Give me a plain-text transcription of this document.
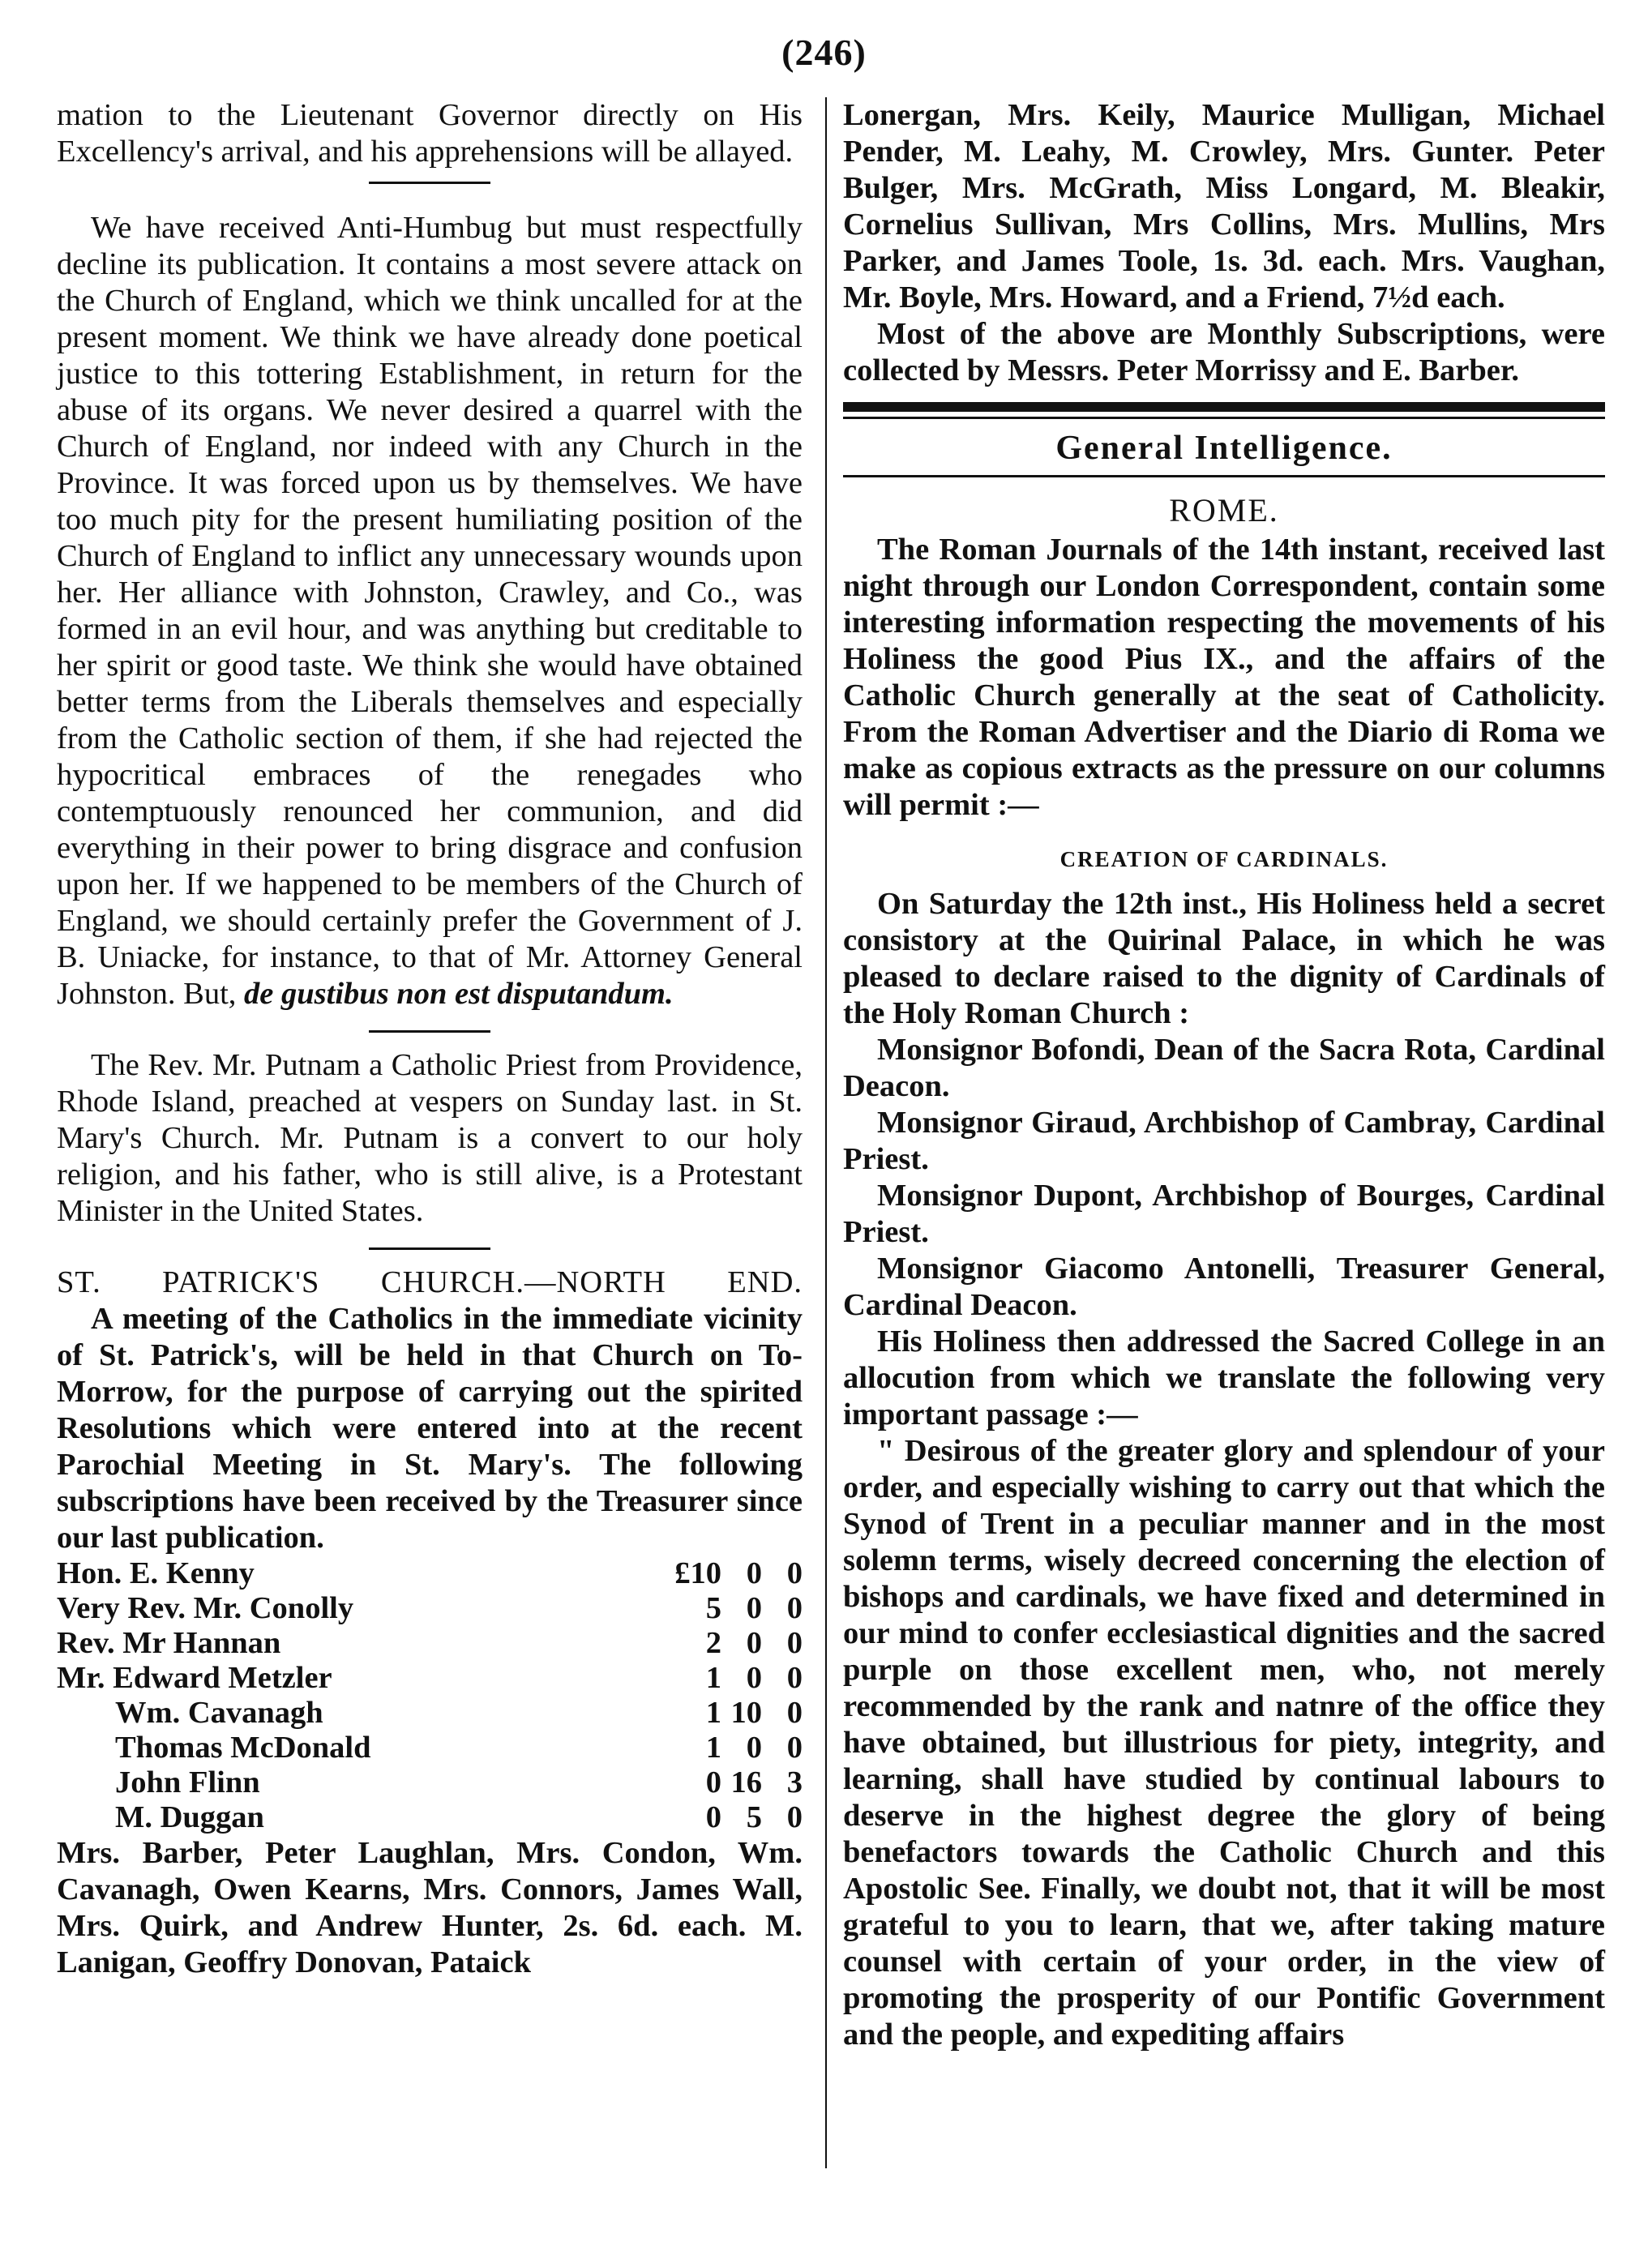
(246)

mation to the Lieutenant Governor directly on His Excellency's arrival, and his apprehensions will be allayed.

We have received Anti-Humbug but must respectfully decline its publication. It contains a most severe attack on the Church of England, which we think uncalled for at the present moment. We think we have already done poetical justice to this tottering Establishment, in return for the abuse of its organs. We never desired a quarrel with the Church of England, nor indeed with any Church in the Province. It was forced upon us by themselves. We have too much pity for the present humiliating position of the Church of England to inflict any unnecessary wounds upon her. Her alliance with Johnston, Crawley, and Co., was formed in an evil hour, and was anything but creditable to her spirit or good taste. We think she would have obtained better terms from the Liberals themselves and especially from the Catholic section of them, if she had rejected the hypocritical embraces of the renegades who contemptuously renounced her communion, and did everything in their power to bring disgrace and confusion upon her. If we happened to be members of the Church of England, we should certainly prefer the Government of J. B. Uniacke, for instance, to that of Mr. Attorney General Johnston. But, de gustibus non est disputandum.

The Rev. Mr. Putnam a Catholic Priest from Providence, Rhode Island, preached at vespers on Sunday last. in St. Mary's Church. Mr. Putnam is a convert to our holy religion, and his father, who is still alive, is a Protestant Minister in the United States.

ST. PATRICK'S CHURCH.—NORTH END.

A meeting of the Catholics in the immediate vicinity of St. Patrick's, will be held in that Church on To-Morrow, for the purpose of carrying out the spirited Resolutions which were entered into at the recent Parochial Meeting in St. Mary's. The following subscriptions have been received by the Treasurer since our last publication.

Hon. E. Kenny	£10	0	0
Very Rev. Mr. Conolly	5	0	0
Rev. Mr Hannan	2	0	0
Mr. Edward Metzler	1	0	0
Wm. Cavanagh	1	10	0
Thomas McDonald	1	0	0
John Flinn	0	16	3
M. Duggan	0	5	0

Mrs. Barber, Peter Laughlan, Mrs. Condon, Wm. Cavanagh, Owen Kearns, Mrs. Connors, James Wall, Mrs. Quirk, and Andrew Hunter, 2s. 6d. each. M. Lanigan, Geoffry Donovan, Pataick

Lonergan, Mrs. Keily, Maurice Mulligan, Michael Pender, M. Leahy, M. Crowley, Mrs. Gunter. Peter Bulger, Mrs. McGrath, Miss Longard, M. Bleakir, Cornelius Sullivan, Mrs Collins, Mrs. Mullins, Mrs Parker, and James Toole, 1s. 3d. each. Mrs. Vaughan, Mr. Boyle, Mrs. Howard, and a Friend, 7½d each.

Most of the above are Monthly Subscriptions, were collected by Messrs. Peter Morrissy and E. Barber.

General Intelligence.
ROME.

The Roman Journals of the 14th instant, received last night through our London Correspondent, contain some interesting information respecting the movements of his Holiness the good Pius IX., and the affairs of the Catholic Church generally at the seat of Catholicity. From the Roman Advertiser and the Diario di Roma we make as copious extracts as the pressure on our columns will permit :—

CREATION OF CARDINALS.

On Saturday the 12th inst., His Holiness held a secret consistory at the Quirinal Palace, in which he was pleased to declare raised to the dignity of Cardinals of the Holy Roman Church :

Monsignor Bofondi, Dean of the Sacra Rota, Cardinal Deacon.

Monsignor Giraud, Archbishop of Cambray, Cardinal Priest.

Monsignor Dupont, Archbishop of Bourges, Cardinal Priest.

Monsignor Giacomo Antonelli, Treasurer General, Cardinal Deacon.

His Holiness then addressed the Sacred College in an allocution from which we translate the following very important passage :—

" Desirous of the greater glory and splendour of your order, and especially wishing to carry out that which the Synod of Trent in a peculiar manner and in the most solemn terms, wisely decreed concerning the election of bishops and cardinals, we have fixed and determined in our mind to confer ecclesiastical dignities and the sacred purple on those excellent men, who, not merely recommended by the rank and natnre of the office they have obtained, but illustrious for piety, integrity, and learning, shall have studied by continual labours to deserve in the highest degree the glory of being benefactors towards the Catholic Church and this Apostolic See. Finally, we doubt not, that it will be most grateful to you to learn, that we, after taking mature counsel with certain of your order, in the view of promoting the prosperity of our Pontific Government and the people, and expediting affairs
